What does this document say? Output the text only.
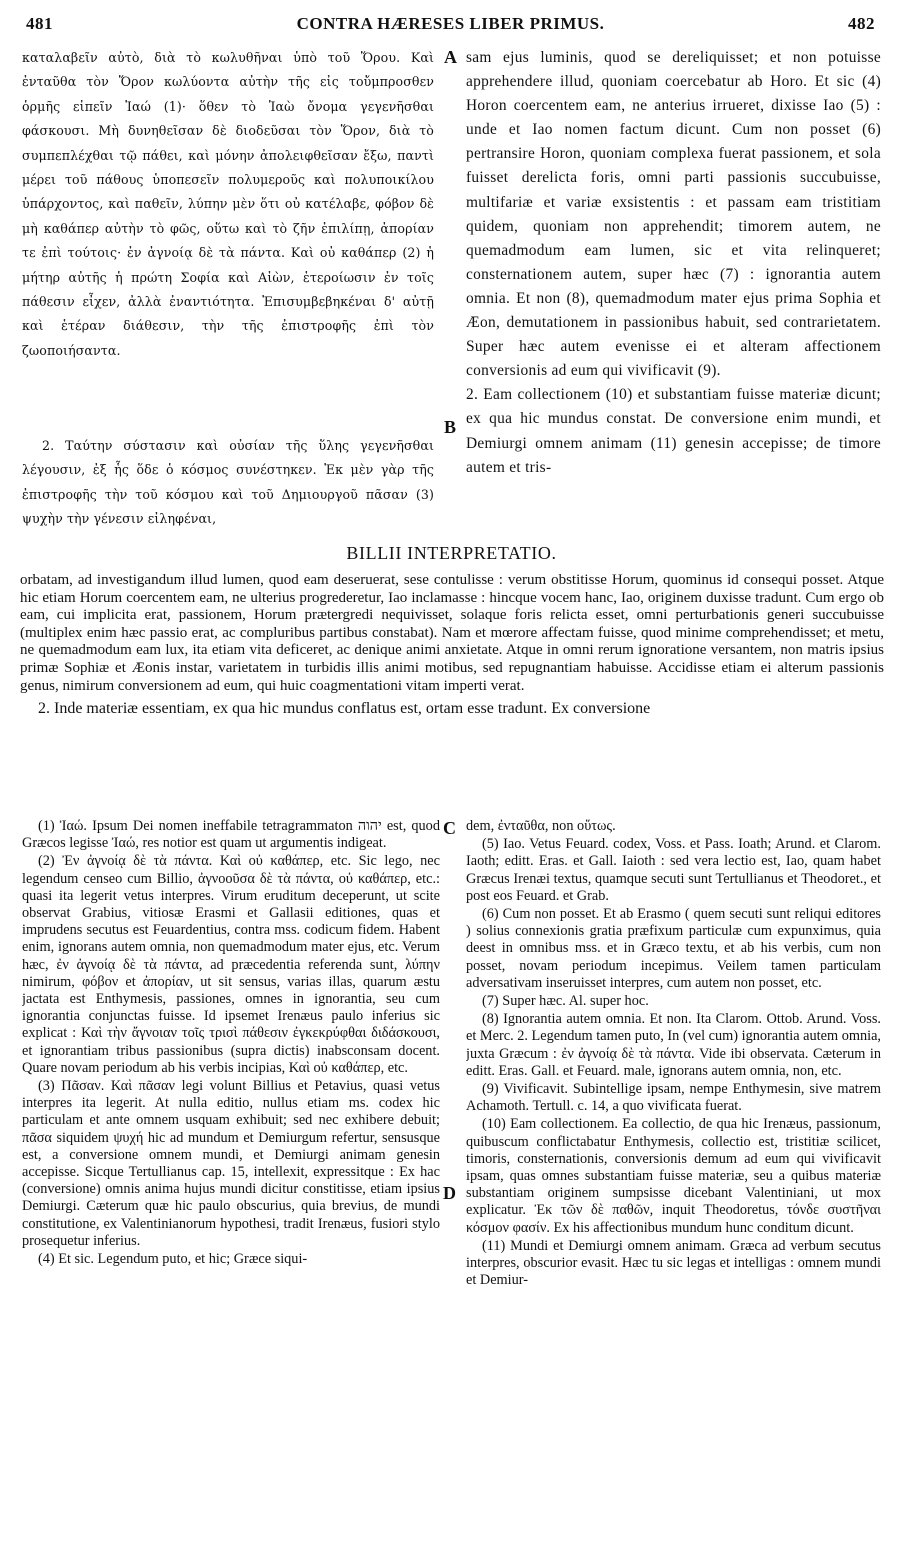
481	CONTRA HÆRESES LIBER PRIMUS.	482

καταλαβεῖν αὐτὸ, διὰ τὸ κωλυθῆναι ὑπὸ τοῦ Ὅρου. Καὶ ἐνταῦθα τὸν Ὅρον κωλύοντα αὐτὴν τῆς εἰς τοὔμπροσθεν ὁρμῆς εἰπεῖν Ἰαώ (1)· ὅθεν τὸ Ἰαὼ ὄνομα γεγενῆσθαι φάσκουσι. Μὴ δυνηθεῖσαν δὲ διοδεῦσαι τὸν Ὅρον, διὰ τὸ συμπεπλέχθαι τῷ πάθει, καὶ μόνην ἀπολειφθεῖσαν ἔξω, παντὶ μέρει τοῦ πάθους ὑποπεσεῖν πολυμεροῦς καὶ πολυποικίλου ὑπάρχοντος, καὶ παθεῖν, λύπην μὲν ὅτι οὐ κατέλαβε, φόβον δὲ μὴ καθάπερ αὐτὴν τὸ φῶς, οὕτω καὶ τὸ ζῆν ἐπιλίπῃ, ἀπορίαν τε ἐπὶ τούτοις· ἐν ἀγνοίᾳ δὲ τὰ πάντα. Καὶ οὐ καθάπερ (2) ἡ μήτηρ αὐτῆς ἡ πρώτη Σοφία καὶ Αἰὼν, ἑτεροίωσιν ἐν τοῖς πάθεσιν εἶχεν, ἀλλὰ ἐναντιότητα. Ἐπισυμβεβηκέναι δ' αὐτῇ καὶ ἑτέραν διάθεσιν, τὴν τῆς ἐπιστροφῆς ἐπὶ τὸν ζωοποιήσαντα.

2. Ταύτην σύστασιν καὶ οὐσίαν τῆς ὕλης γεγενῆσθαι λέγουσιν, ἐξ ἧς ὅδε ὁ κόσμος συνέστηκεν. Ἐκ μὲν γὰρ τῆς ἐπιστροφῆς τὴν τοῦ κόσμου καὶ τοῦ Δημιουργοῦ πᾶσαν (3) ψυχὴν τὴν γένεσιν εἰληφέναι,

A
B

sam ejus luminis, quod se dereliquisset; et non potuisse apprehendere illud, quoniam coercebatur ab Horo. Et sic (4) Horon coercentem eam, ne anterius irrueret, dixisse Iao (5) : unde et Iao nomen factum dicunt. Cum non posset (6) pertransire Horon, quoniam complexa fuerat passionem, et sola fuisset derelicta foris, omni parti passionis succubuisse, multifariæ et variæ exsistentis : et passam eam tristitiam quidem, quoniam non apprehendit; timorem autem, ne quemadmodum eam lumen, sic et vita relinqueret; consternationem autem, super hæc (7) : ignorantia autem omnia. Et non (8), quemadmodum mater ejus prima Sophia et Æon, demutationem in passionibus habuit, sed contrarietatem. Super hæc autem evenisse ei et alteram affectionem conversionis ad eum qui vivificavit (9).

2. Eam collectionem (10) et substantiam fuisse materiæ dicunt; ex qua hic mundus constat. De conversione enim mundi, et Demiurgi omnem animam (11) genesin accepisse; de timore autem et tris-

BILLII INTERPRETATIO.

orbatam, ad investigandum illud lumen, quod eam deseruerat, sese contulisse : verum obstitisse Horum, quominus id consequi posset. Atque hic etiam Horum coercentem eam, ne ulterius progrederetur, Iao inclamasse : hincque vocem hanc, Iao, originem duxisse tradunt. Cum ergo ob eam, cui implicita erat, passionem, Horum prætergredi nequivisset, solaque foris relicta esset, omni perturbationis generi succubuisse (multiplex enim hæc passio erat, ac compluribus partibus constabat). Nam et mœrore affectam fuisse, quod minime comprehendisset; et metu, ne quemadmodum eam lux, ita etiam vita deficeret, ac denique animi anxietate. Atque in omni rerum ignoratione versantem, non matris ipsius primæ Sophiæ et Æonis instar, varietatem in turbidis illis animi motibus, sed repugnantiam habuisse. Accidisse etiam ei alterum passionis genus, nimirum conversionem ad eum, qui huic coagmentationi vitam imperti verat.

2. Inde materiæ essentiam, ex qua hic mundus conflatus est, ortam esse tradunt. Ex conversione

(1) Ἰαώ. Ipsum Dei nomen ineffabile tetragrammaton יהוה est, quod Græcos legisse Ἰαώ, res notior est quam ut argumentis indigeat.

(2) Ἐν ἀγνοίᾳ δὲ τὰ πάντα. Καὶ οὐ καθάπερ, etc. Sic lego, nec legendum censeo cum Billio, ἀγνοοῦσα δὲ τὰ πάντα, οὐ καθάπερ, etc.: quasi ita legerit vetus interpres. Virum eruditum deceperunt, ut scite observat Grabius, vitiosæ Erasmi et Gallasii editiones, quas et imprudens secutus est Feuardentius, contra mss. codicum fidem. Habent enim, ignorans autem omnia, non quemadmodum mater ejus, etc. Verum hæc, ἐν ἀγνοίᾳ δὲ τὰ πάντα, ad præcedentia referenda sunt, λύπην nimirum, φόβον et ἀπορίαν, ut sit sensus, varias illas, quarum æstu jactata est Enthymesis, passiones, omnes in ignorantia, seu cum ignorantia conjunctas fuisse. Id ipsemet Irenæus paulo inferius sic explicat : Καὶ τὴν ἄγνοιαν τοῖς τρισὶ πάθεσιν ἐγκεκρύφθαι διδάσκουσι, et ignorantiam tribus passionibus (supra dictis) inabsconsam docent. Quare novam periodum ab his verbis incipias, Καὶ οὐ καθάπερ, etc.

(3) Πᾶσαν. Καὶ πᾶσαν legi volunt Billius et Petavius, quasi vetus interpres ita legerit. At nulla editio, nullus etiam ms. codex hic particulam et ante omnem usquam exhibuit; sed nec exhibere debuit; πᾶσα siquidem ψυχή hic ad mundum et Demiurgum refertur, sensusque est, a conversione omnem mundi, et Demiurgi animam genesin accepisse. Sicque Tertullianus cap. 15, intellexit, expressitque : Ex hac (conversione) omnis anima hujus mundi dicitur constitisse, etiam ipsius Demiurgi. Cæterum quæ hic paulo obscurius, quia brevius, de mundi constitutione, ex Valentinianorum hypothesi, tradit Irenæus, fusiori stylo prosequetur inferius.

(4) Et sic. Legendum puto, et hic; Græce siqui-

C
D

dem, ἐνταῦθα, non οὕτως.

(5) Iao. Vetus Feuard. codex, Voss. et Pass. Ioath; Arund. et Clarom. Iaoth; editt. Eras. et Gall. Iaioth : sed vera lectio est, Iao, quam habet Græcus Irenæi textus, quamque secuti sunt Tertullianus et Theodoret., et post eos Feuard. et Grab.

(6) Cum non posset. Et ab Erasmo ( quem secuti sunt reliqui editores ) solius connexionis gratia præfixum particulæ cum expunximus, quia deest in omnibus mss. et in Græco textu, et ab his verbis, cum non posset, novam periodum incepimus. Veilem tamen particulam adversativam inseruisset interpres, cum autem non posset, etc.

(7) Super hæc. Al. super hoc.

(8) Ignorantia autem omnia. Et non. Ita Clarom. Ottob. Arund. Voss. et Merc. 2. Legendum tamen puto, In (vel cum) ignorantia autem omnia, juxta Græcum : ἐν ἀγνοίᾳ δὲ τὰ πάντα. Vide ibi observata. Cæterum in editt. Eras. Gall. et Feuard. male, ignorans autem omnia, non, etc.

(9) Vivificavit. Subintellige ipsam, nempe Enthymesin, sive matrem Achamoth. Tertull. c. 14, a quo vivificata fuerat.

(10) Eam collectionem. Ea collectio, de qua hic Irenæus, passionum, quibuscum conflictabatur Enthymesis, collectio est, tristitiæ scilicet, timoris, consternationis, conversionis demum ad eum qui vivificavit ipsam, quas omnes substantiam fuisse materiæ, seu a quibus materiæ substantiam originem sumpsisse dicebant Valentiniani, ut mox explicatur. Ἐκ τῶν δὲ παθῶν, inquit Theodoretus, τόνδε συστῆναι κόσμον φασίν. Ex his affectionibus mundum hunc conditum dicunt.

(11) Mundi et Demiurgi omnem animam. Græca ad verbum secutus interpres, obscurior evasit. Hæc tu sic legas et intelligas : omnem mundi et Demiur-
